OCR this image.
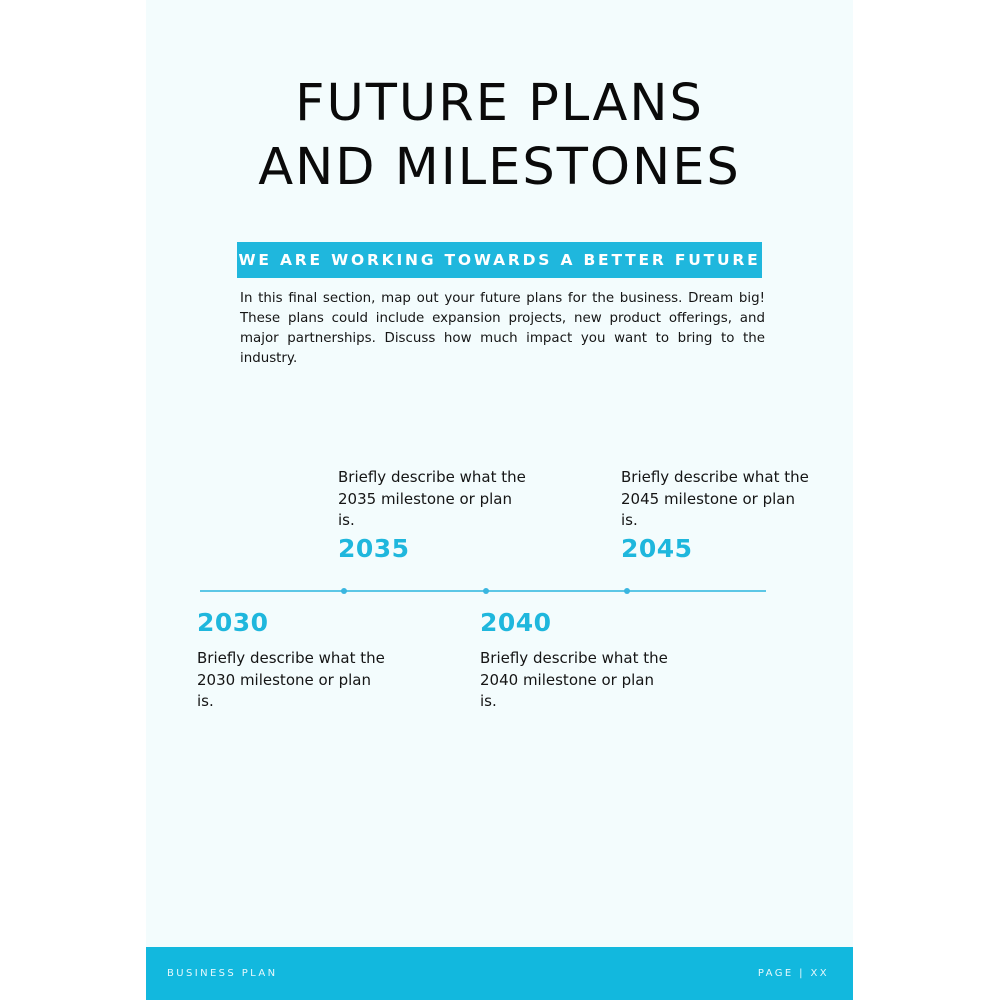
FUTURE PLANS
AND MILESTONES
WE ARE WORKING TOWARDS A BETTER FUTURE

In this final section, map out your future plans for the business. Dream big! These plans could include expansion projects, new product offerings, and major partnerships. Discuss how much impact you want to bring to the industry.

2030

Briefly describe what the 2030 milestone or plan is.

Briefly describe what the 2035 milestone or plan is.

2035
2040

Briefly describe what the 2040 milestone or plan is.

Briefly describe what the 2045 milestone or plan is.

2045
BUSINESS PLAN	PAGE | XX
